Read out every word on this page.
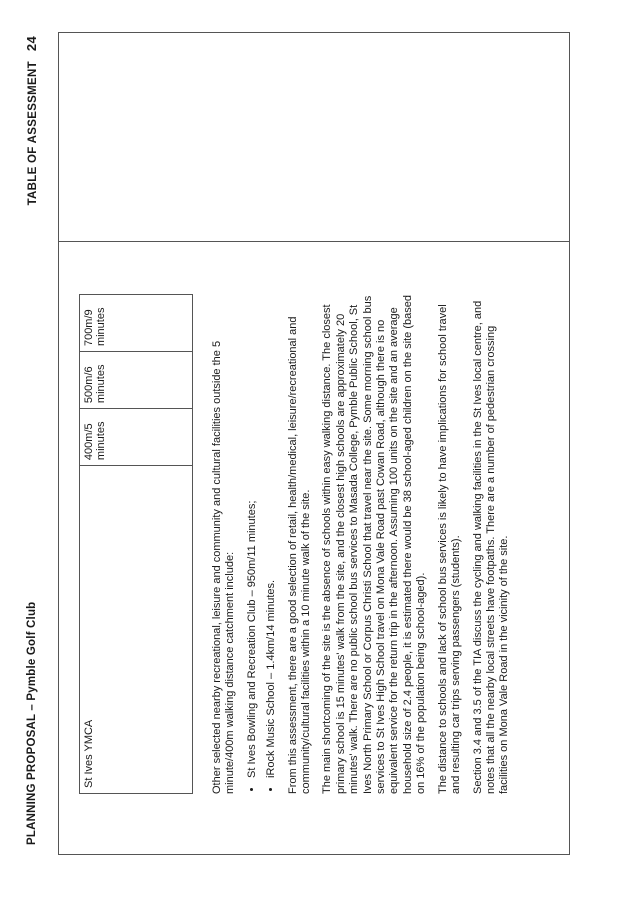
PLANNING PROPOSAL – Pymble Golf Club
TABLE OF ASSESSMENT24
St Ives YMCA	400m/5 minutes	500m/6 minutes	700m/9 minutes

Other selected nearby recreational, leisure and community and cultural facilities outside the 5 minute/400m walking distance catchment include: • St Ives Bowling and Recreation Club – 950m/11 minutes; • iRock Music School – 1.4km/14 minutes. From this assessment, there are a good selection of retail, health/medical, leisure/recreational and community/cultural facilities within a 10 minute walk of the site. The main shortcoming of the site is the absence of schools within easy walking distance. The closest primary school is 15 minutes' walk from the site, and the closest high schools are approximately 20 minutes' walk. There are no public school bus services to Masada College, Pymble Public School, St Ives North Primary School or Corpus Christi School that travel near the site. Some morning school bus services to St Ives High School travel on Mona Vale Road past Cowan Road, although there is no equivalent service for the return trip in the afternoon. Assuming 100 units on the site and an average household size of 2.4 people, it is estimated there would be 38 school-aged children on the site (based on 16% of the population being school-aged). The distance to schools and lack of school bus services is likely to have implications for school travel and resulting car trips serving passengers (students). Section 3.4 and 3.5 of the TIA discuss the cycling and walking facilities in the St Ives local centre, and notes that all the nearby local streets have footpaths. There are a number of pedestrian crossing facilities on Mona Vale Road in the vicinity of the site.
